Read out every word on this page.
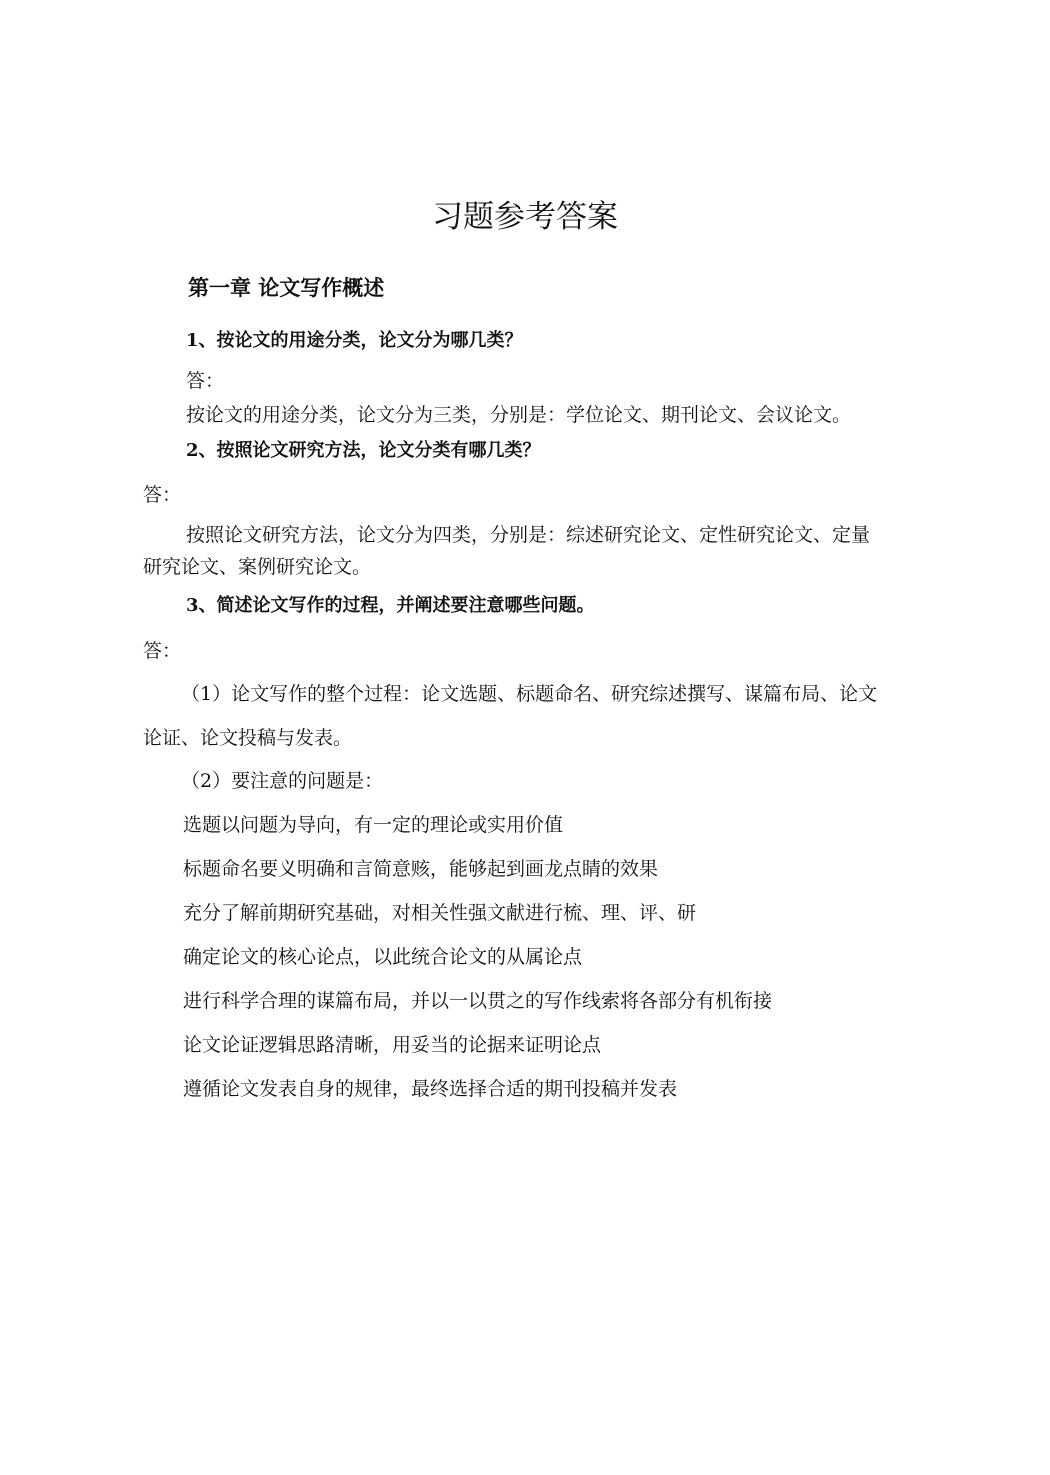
习题参考答案
第一章 论文写作概述

1、按论文的用途分类，论文分为哪几类？

答：

按论文的用途分类，论文分为三类，分别是：学位论文、期刊论文、会议论文。

2、按照论文研究方法，论文分类有哪几类？

答：

按照论文研究方法，论文分为四类，分别是：综述研究论文、定性研究论文、定量

研究论文、案例研究论文。

3、简述论文写作的过程，并阐述要注意哪些问题。

答：

（1）论文写作的整个过程：论文选题、标题命名、研究综述撰写、谋篇布局、论文

论证、论文投稿与发表。

（2）要注意的问题是：

选题以问题为导向，有一定的理论或实用价值

标题命名要义明确和言简意赅，能够起到画龙点睛的效果

充分了解前期研究基础，对相关性强文献进行梳、理、评、研

确定论文的核心论点，以此统合论文的从属论点

进行科学合理的谋篇布局，并以一以贯之的写作线索将各部分有机衔接

论文论证逻辑思路清晰，用妥当的论据来证明论点

遵循论文发表自身的规律，最终选择合适的期刊投稿并发表
